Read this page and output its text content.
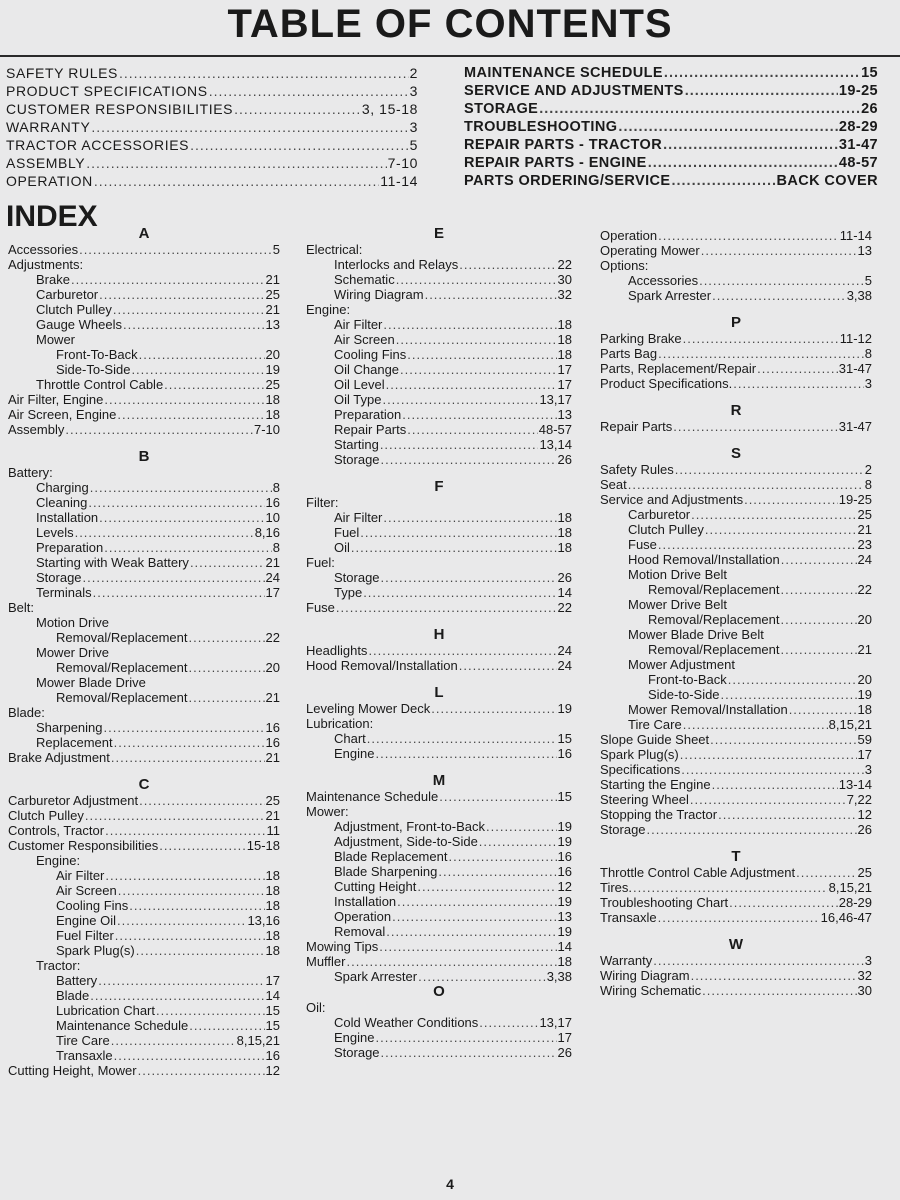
TABLE OF CONTENTS
SAFETY RULES .....	2
PRODUCT SPECIFICATIONS .....	3
CUSTOMER RESPONSIBILITIES .....	3, 15-18
WARRANTY .....	3
TRACTOR ACCESSORIES .....	5
ASSEMBLY .....	7-10
OPERATION .....	11-14
MAINTENANCE SCHEDULE .....	15
SERVICE AND ADJUSTMENTS .....	19-25
STORAGE .....	26
TROUBLESHOOTING .....	28-29
REPAIR PARTS - TRACTOR .....	31-47
REPAIR PARTS - ENGINE .....	48-57
PARTS ORDERING/SERVICE .....	BACK COVER
INDEX
A
Accessories .....	5
Adjustments:
Brake .....	21
Carburetor .....	25
Clutch Pulley .....	21
Gauge Wheels .....	13
Mower
Front-To-Back .....	20
Side-To-Side .....	19
Throttle Control Cable .....	25
Air Filter, Engine .....	18
Air Screen, Engine .....	18
Assembly .....	7-10
B
Battery:
Charging .....	8
Cleaning .....	16
Installation .....	10
Levels .....	8,16
Preparation .....	8
Starting with Weak Battery .....	21
Storage .....	24
Terminals .....	17
Belt:
Motion Drive
Removal/Replacement .....	22
Mower Drive
Removal/Replacement .....	20
Mower Blade Drive
Removal/Replacement .....	21
Blade:
Sharpening .....	16
Replacement .....	16
Brake Adjustment .....	21
C
Carburetor Adjustment .....	25
Clutch Pulley .....	21
Controls, Tractor .....	11
Customer Responsibilities .....	15-18
Engine:
Air Filter .....	18
Air Screen .....	18
Cooling Fins .....	18
Engine Oil .....	13,16
Fuel Filter .....	18
Spark Plug(s) .....	18
Tractor:
Battery .....	17
Blade .....	14
Lubrication Chart .....	15
Maintenance Schedule .....	15
Tire Care .....	8,15,21
Transaxle .....	16
Cutting Height, Mower .....	12
E
Electrical:
Interlocks and Relays .....	22
Schematic .....	30
Wiring Diagram .....	32
Engine:
Air Filter .....	18
Air Screen .....	18
Cooling Fins .....	18
Oil Change .....	17
Oil Level .....	17
Oil Type .....	13,17
Preparation .....	13
Repair Parts .....	48-57
Starting .....	13,14
Storage .....	26
F
Filter:
Air Filter .....	18
Fuel .....	18
Oil .....	18
Fuel:
Storage .....	26
Type .....	14
Fuse .....	22
H
Headlights .....	24
Hood Removal/Installation .....	24
L
Leveling Mower Deck .....	19
Lubrication:
Chart .....	15
Engine .....	16
M
Maintenance Schedule .....	15
Mower:
Adjustment, Front-to-Back .....	19
Adjustment, Side-to-Side .....	19
Blade Replacement .....	16
Blade Sharpening .....	16
Cutting Height .....	12
Installation .....	19
Operation .....	13
Removal .....	19
Mowing Tips .....	14
Muffler .....	18
Spark Arrester .....	3,38
O
Oil:
Cold Weather Conditions .....	13,17
Engine .....	17
Storage .....	26
Operation .....	11-14
Operating Mower .....	13
Options:
Accessories .....	5
Spark Arrester .....	3,38
P
Parking Brake .....	11-12
Parts Bag .....	8
Parts, Replacement/Repair .....	31-47
Product Specifications. .....	3
R
Repair Parts .....	31-47
S
Safety Rules .....	2
Seat .....	8
Service and Adjustments .....	19-25
Carburetor .....	25
Clutch Pulley .....	21
Fuse .....	23
Hood Removal/Installation .....	24
Motion Drive Belt
Removal/Replacement .....	22
Mower Drive Belt
Removal/Replacement .....	20
Mower Blade Drive Belt
Removal/Replacement .....	21
Mower Adjustment
Front-to-Back .....	20
Side-to-Side .....	19
Mower Removal/Installation .....	18
Tire Care .....	8,15,21
Slope Guide Sheet .....	59
Spark Plug(s) .....	17
Specifications .....	3
Starting the Engine .....	13-14
Steering Wheel .....	7,22
Stopping the Tractor .....	12
Storage .....	26
T
Throttle Control Cable Adjustment .....	25
Tires. .....	8,15,21
Troubleshooting Chart .....	28-29
Transaxle .....	16,46-47
W
Warranty .....	3
Wiring Diagram .....	32
Wiring Schematic .....	30
4
